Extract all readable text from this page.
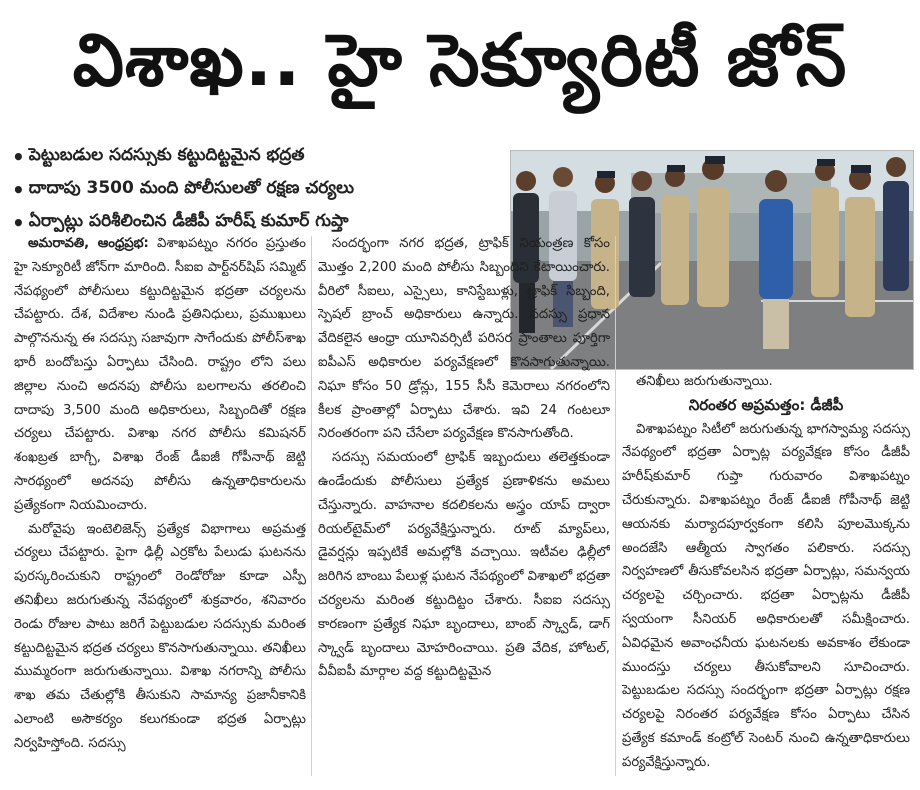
విశాఖ.. హై సెక్యూరిటీ జోన్
• పెట్టుబడుల సదస్సుకు కట్టుదిట్టమైన భద్రత
• దాదాపు 3500 మంది పోలీసులతో రక్షణ చర్యలు
• ఏర్పాట్లు పరిశీలించిన డీజీపీ హరీష్ కుమార్ గుప్తా

అమరావతి, ఆంధ్రప్రభ: విశాఖపట్నం నగరం ప్రస్తుతం హై సెక్యూరిటీ జోన్‌గా మారింది. సీఐఐ పార్ట్‌నర్‌షిప్ సమ్మిట్ నేపథ్యంలో పోలీసులు కట్టుదిట్టమైన భద్రతా చర్యలను చేపట్టారు. దేశ, విదేశాల నుండి ప్రతినిధులు, ప్రముఖులు పాల్గొననున్న ఈ సదస్సు సజావుగా సాగేందుకు పోలీస్‌శాఖ భారీ బందోబస్తు ఏర్పాటు చేసింది. రాష్ట్రం లోని పలు జిల్లాల నుంచి అదనపు పోలీసు బలగాలను తరలించి దాదాపు 3,500 మంది అధికారులు, సిబ్బందితో రక్షణ చర్యలు చేపట్టారు. విశాఖ నగర పోలీసు కమిషనర్ శంఖబ్రత బాగ్చీ, విశాఖ రేంజ్ డీఐజీ గోపీనాథ్ జెట్టి సారథ్యంలో అదనపు పోలీసు ఉన్నతాధికారులను ప్రత్యేకంగా నియమించారు.

మరోవైపు ఇంటెలిజెన్స్ ప్రత్యేక విభాగాలు అప్రమత్త చర్యలు చేపట్టారు. పైగా ఢిల్లీ ఎర్రకోట పేలుడు ఘటనను పురస్కరించుకుని రాష్ట్రంలో రెండోరోజు కూడా ఎస్పీ తనిఖీలు జరుగుతున్న నేపథ్యంలో శుక్రవారం, శనివారం రెండు రోజుల పాటు జరిగే పెట్టుబడుల సదస్సుకు మరింత కట్టుదిట్టమైన భద్రత చర్యలు కొనసాగుతున్నాయి. తనిఖీలు ముమ్మరంగా జరుగుతున్నాయి. విశాఖ నగరాన్ని పోలీసు శాఖ తమ చేతుల్లోకి తీసుకుని సామాన్య ప్రజానీకానికి ఎలాంటి అసౌకర్యం కలుగకుండా భద్రత ఏర్పాట్లు నిర్వహిస్తోంది. సదస్సు

సందర్భంగా నగర భద్రత, ట్రాఫిక్ నియంత్రణ కోసం మొత్తం 2,200 మంది పోలీసు సిబ్బందిని కేటాయించారు. వీరిలో సీఐలు, ఎస్సైలు, కానిస్టేబుళ్లు, ట్రాఫిక్ సిబ్బంది, స్పెషల్ బ్రాంచ్ అధికారులు ఉన్నారు. సదస్సు ప్రధాన వేదికలైన ఆంధ్రా యూనివర్సిటీ పరిసర ప్రాంతాలు పూర్తిగా ఐపీఎస్ అధికారుల పర్యవేక్షణలో కొనసాగుతున్నాయి. నిఘా కోసం 50 డ్రోన్లు, 155 సీసీ కెమెరాలు నగరంలోని కీలక ప్రాంతాల్లో ఏర్పాటు చేశారు. ఇవి 24 గంటలూ నిరంతరంగా పని చేసేలా పర్యవేక్షణ కొనసాగుతోంది.

సదస్సు సమయంలో ట్రాఫిక్ ఇబ్బందులు తలెత్తకుండా ఉండేందుకు పోలీసులు ప్రత్యేక ప్రణాళికను అమలు చేస్తున్నారు. వాహనాల కదలికలను అస్త్రం యాప్ ద్వారా రియల్‌టైమ్‌లో పర్యవేక్షిస్తున్నారు. రూట్ మ్యాప్‌లు, డైవర్షన్లు ఇప్పటికే అమల్లోకి వచ్చాయి. ఇటీవల ఢిల్లీలో జరిగిన బాంబు పేలుళ్ల ఘటన నేపథ్యంలో విశాఖలో భద్రతా చర్యలను మరింత కట్టుదిట్టం చేశారు. సీఐఐ సదస్సు కారణంగా ప్రత్యేక నిఘా బృందాలు, బాంబ్ స్క్వాడ్, డాగ్ స్క్వాడ్ బృందాలు మోహరించాయి. ప్రతి వేదిక, హోటల్, వీవీఐపీ మార్గాల వద్ద కట్టుదిట్టమైన

తనిఖీలు జరుగుతున్నాయి.

నిరంతర అప్రమత్తం: డీజీపీ

విశాఖపట్నం సిటీలో జరుగుతున్న భాగస్వామ్య సదస్సు నేపథ్యంలో భద్రతా ఏర్పాట్ల పర్యవేక్షణ కోసం డీజీపీ హరీష్‌కుమార్ గుప్తా గురువారం విశాఖపట్నం చేరుకున్నారు. విశాఖపట్నం రేంజ్ డీఐజీ గోపీనాథ్ జెట్టి ఆయనకు మర్యాదపూర్వకంగా కలిసి పూలమొక్కను అందజేసి ఆత్మీయ స్వాగతం పలికారు. సదస్సు నిర్వహణలో తీసుకోవలసిన భద్రతా ఏర్పాట్లు, సమన్వయ చర్యలపై చర్చించారు. భద్రతా ఏర్పాట్లను డీజీపీ స్వయంగా సీనియర్ అధికారులతో సమీక్షించారు. ఏవిధమైన అవాంఛనీయ ఘటనలకు అవకాశం లేకుండా ముందస్తు చర్యలు తీసుకోవాలని సూచించారు. పెట్టుబడుల సదస్సు సందర్భంగా భద్రతా ఏర్పాట్లు రక్షణ చర్యలపై నిరంతర పర్యవేక్షణ కోసం ఏర్పాటు చేసిన ప్రత్యేక కమాండ్ కంట్రోల్ సెంటర్ నుంచి ఉన్నతాధికారులు పర్యవేక్షిస్తున్నారు.
